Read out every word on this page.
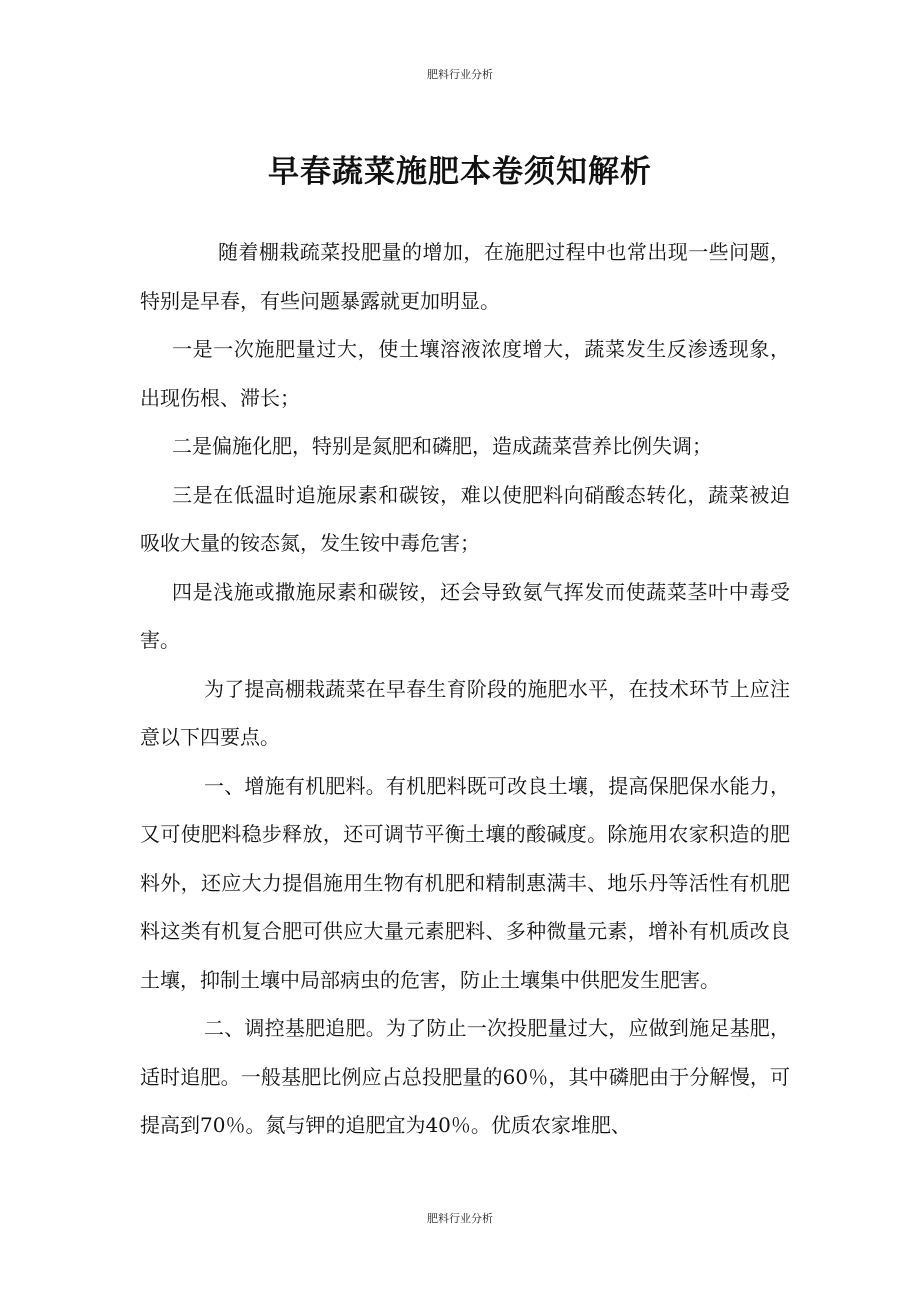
肥料行业分析
早春蔬菜施肥本卷须知解析

随着棚栽疏菜投肥量的增加，在施肥过程中也常出现一些问题，特别是早春，有些问题暴露就更加明显。

一是一次施肥量过大，使土壤溶液浓度增大，蔬菜发生反渗透现象，出现伤根、滞长；

二是偏施化肥，特别是氮肥和磷肥，造成蔬菜营养比例失调；

三是在低温时追施尿素和碳铵，难以使肥料向硝酸态转化，蔬菜被迫吸收大量的铵态氮，发生铵中毒危害；

四是浅施或撒施尿素和碳铵，还会导致氨气挥发而使蔬菜茎叶中毒受害。

为了提高棚栽蔬菜在早春生育阶段的施肥水平，在技术环节上应注意以下四要点。

一、增施有机肥料。有机肥料既可改良土壤，提高保肥保水能力，又可使肥料稳步释放，还可调节平衡土壤的酸碱度。除施用农家积造的肥料外，还应大力提倡施用生物有机肥和精制惠满丰、地乐丹等活性有机肥料这类有机复合肥可供应大量元素肥料、多种微量元素，增补有机质改良土壤，抑制土壤中局部病虫的危害，防止土壤集中供肥发生肥害。

二、调控基肥追肥。为了防止一次投肥量过大，应做到施足基肥，适时追肥。一般基肥比例应占总投肥量的60％，其中磷肥由于分解慢，可提高到70％。氮与钾的追肥宜为40％。优质农家堆肥、

肥料行业分析
